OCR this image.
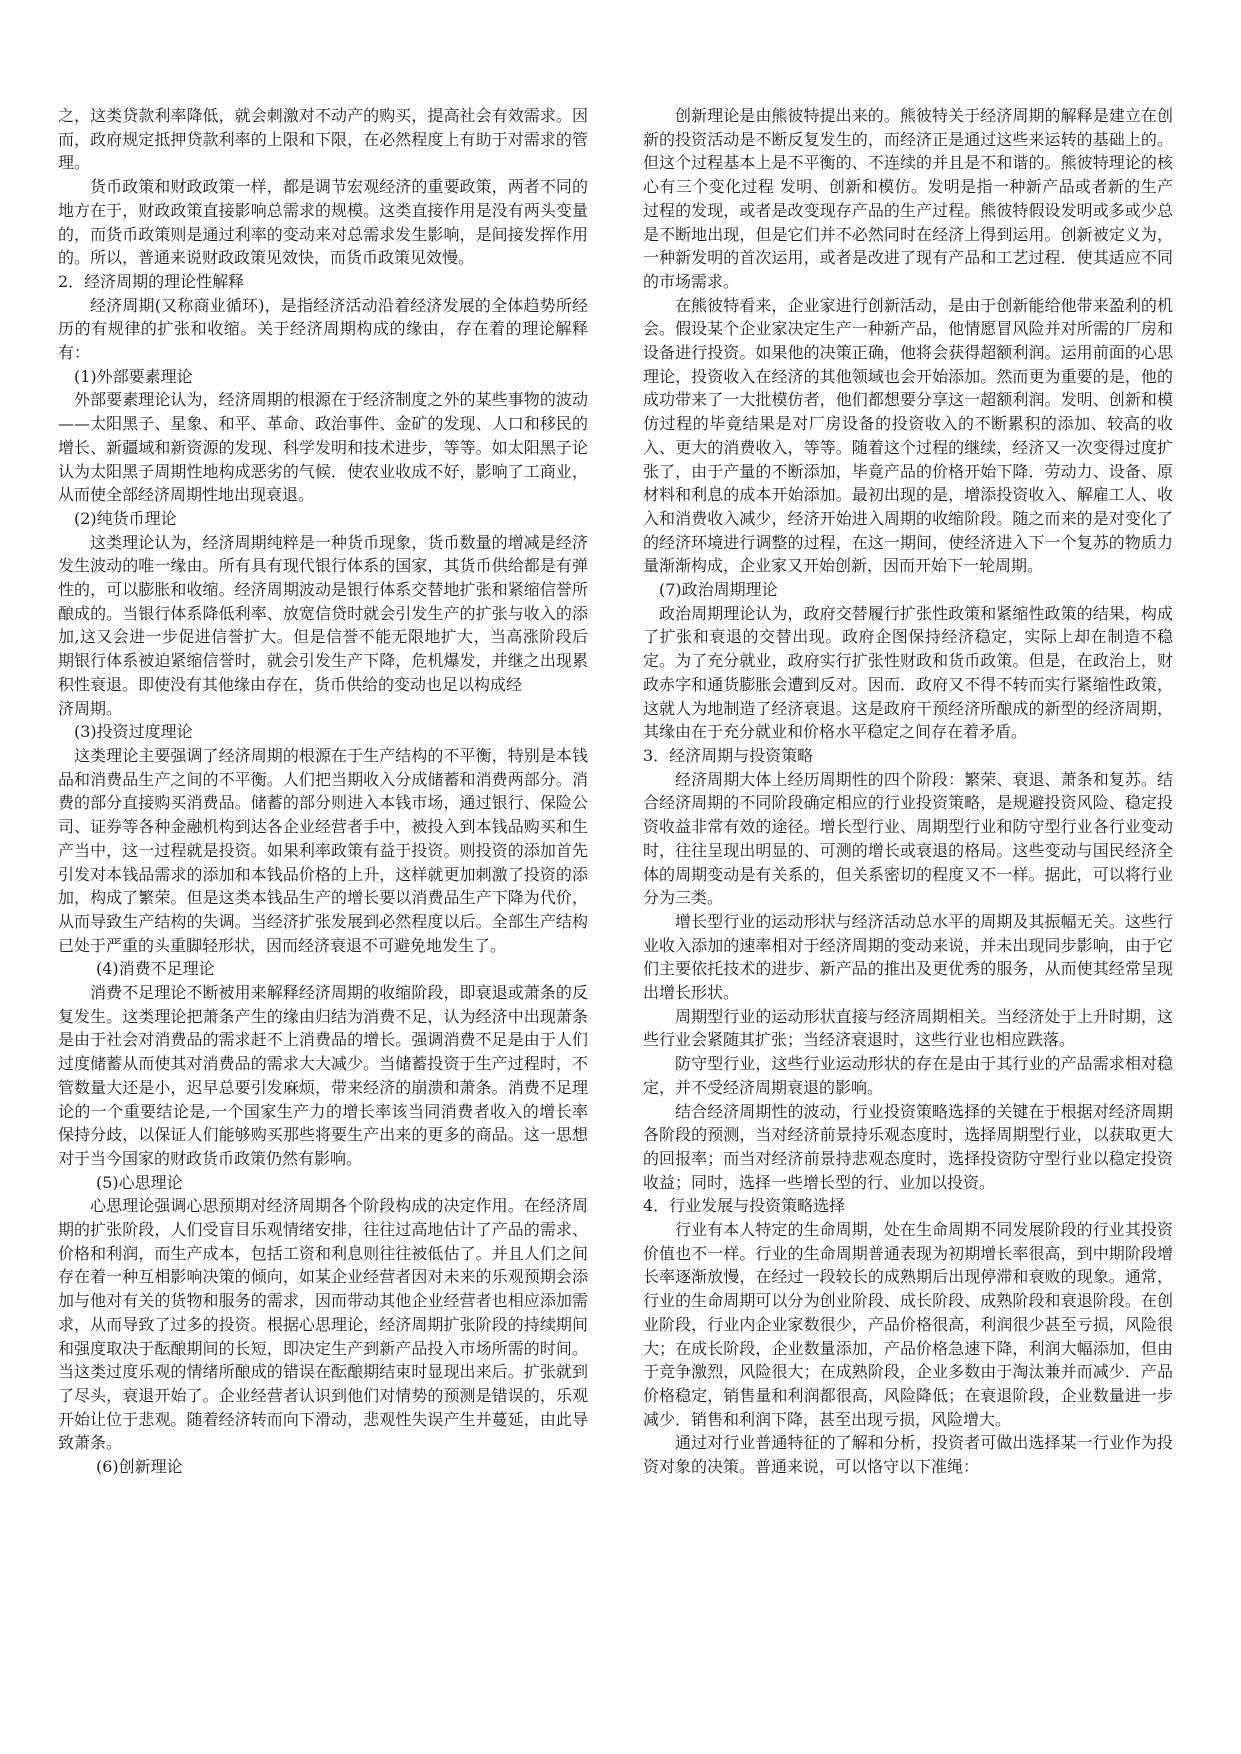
之，这类贷款利率降低，就会刺激对不动产的购买，提高社会有效需求。因而，政府规定抵押贷款利率的上限和下限，在必然程度上有助于对需求的管理。

货币政策和财政政策一样，都是调节宏观经济的重要政策，两者不同的地方在于，财政政策直接影响总需求的规模。这类直接作用是没有两头变量的，而货币政策则是通过利率的变动来对总需求发生影响，是间接发挥作用的。所以，普通来说财政政策见效快，而货币政策见效慢。

2．经济周期的理论性解释

经济周期(又称商业循环)，是指经济活动沿着经济发展的全体趋势所经历的有规律的扩张和收缩。关于经济周期构成的缘由，存在着的理论解释有：

(1)外部要素理论

外部要素理论认为，经济周期的根源在于经济制度之外的某些事物的波动——太阳黑子、星象、和平、革命、政治事件、金矿的发现、人口和移民的增长、新疆域和新资源的发现、科学发明和技术进步，等等。如太阳黑子论认为太阳黑子周期性地构成恶劣的气候．使农业收成不好，影响了工商业，从而使全部经济周期性地出现衰退。

(2)纯货币理论

这类理论认为，经济周期纯粹是一种货币现象，货币数量的增减是经济发生波动的唯一缘由。所有具有现代银行体系的国家，其货币供给都是有弹性的，可以膨胀和收缩。经济周期波动是银行体系交替地扩张和紧缩信誉所酿成的。当银行体系降低利率、放宽信贷时就会引发生产的扩张与收入的添加,这又会进一步促进信誉扩大。但是信誉不能无限地扩大，当高涨阶段后期银行体系被迫紧缩信誉时，就会引发生产下降，危机爆发，并继之出现累积性衰退。即使没有其他缘由存在，货币供给的变动也足以构成经

济周期。

(3)投资过度理论

这类理论主要强调了经济周期的根源在于生产结构的不平衡，特别是本钱品和消费品生产之间的不平衡。人们把当期收入分成储蓄和消费两部分。消费的部分直接购买消费品。储蓄的部分则进入本钱市场，通过银行、保险公司、证券等各种金融机构到达各企业经营者手中，被投入到本钱品购买和生产当中，这一过程就是投资。如果利率政策有益于投资。则投资的添加首先引发对本钱品需求的添加和本钱品价格的上升，这样就更加刺激了投资的添加，构成了繁荣。但是这类本钱品生产的增长要以消费品生产下降为代价，从而导致生产结构的失调。当经济扩张发展到必然程度以后。全部生产结构已处于严重的头重脚轻形状，因而经济衰退不可避免地发生了。

(4)消费不足理论

消费不足理论不断被用来解释经济周期的收缩阶段，即衰退或萧条的反复发生。这类理论把萧条产生的缘由归结为消费不足，认为经济中出现萧条是由于社会对消费品的需求赶不上消费品的增长。强调消费不足是由于人们过度储蓄从而使其对消费品的需求大大减少。当储蓄投资于生产过程时，不管数量大还是小，迟早总要引发麻烦，带来经济的崩溃和萧条。消费不足理论的一个重要结论是,一个国家生产力的增长率该当同消费者收入的增长率保持分歧，以保证人们能够购买那些将要生产出来的更多的商品。这一思想对于当今国家的财政货币政策仍然有影响。

(5)心思理论

心思理论强调心思预期对经济周期各个阶段构成的决定作用。在经济周期的扩张阶段，人们受盲目乐观情绪安排，往往过高地估计了产品的需求、价格和利润，而生产成本，包括工资和利息则往往被低估了。并且人们之间存在着一种互相影响决策的倾向，如某企业经营者因对未来的乐观预期会添加与他对有关的货物和服务的需求，因而带动其他企业经营者也相应添加需求，从而导致了过多的投资。根据心思理论，经济周期扩张阶段的持续期间和强度取决于酝酿期间的长短，即决定生产到新产品投入市场所需的时间。当这类过度乐观的情绪所酿成的错误在酝酿期结束时显现出来后。扩张就到了尽头，衰退开始了。企业经营者认识到他们对情势的预测是错误的，乐观开始让位于悲观。随着经济转而向下滑动，悲观性失误产生并蔓延，由此导致萧条。

(6)创新理论

创新理论是由熊彼特提出来的。熊彼特关于经济周期的解释是建立在创新的投资活动是不断反复发生的，而经济正是通过这些来运转的基础上的。但这个过程基本上是不平衡的、不连续的并且是不和谐的。熊彼特理论的核心有三个变化过程 发明、创新和模仿。发明是指一种新产品或者新的生产过程的发现，或者是改变现存产品的生产过程。熊彼特假设发明或多或少总是不断地出现，但是它们并不必然同时在经济上得到运用。创新被定义为，一种新发明的首次运用，或者是改进了现有产品和工艺过程．使其适应不同的市场需求。

在熊彼特看来，企业家进行创新活动，是由于创新能给他带来盈利的机会。假设某个企业家决定生产一种新产品，他情愿冒风险并对所需的厂房和设备进行投资。如果他的决策正确，他将会获得超额利润。运用前面的心思理论，投资收入在经济的其他领域也会开始添加。然而更为重要的是，他的成功带来了一大批模仿者，他们都想要分享这一超额利润。发明、创新和模仿过程的毕竟结果是对厂房设备的投资收入的不断累积的添加、较高的收入、更大的消费收入，等等。随着这个过程的继续，经济又一次变得过度扩张了，由于产量的不断添加，毕竟产品的价格开始下降．劳动力、设备、原材料和利息的成本开始添加。最初出现的是，增添投资收入、解雇工人、收入和消费收入减少，经济开始进入周期的收缩阶段。随之而来的是对变化了的经济环境进行调整的过程，在这一期间，使经济进入下一个复苏的物质力量渐渐构成，企业家又开始创新，因而开始下一轮周期。

(7)政治周期理论

政治周期理论认为，政府交替履行扩张性政策和紧缩性政策的结果，构成了扩张和衰退的交替出现。政府企图保持经济稳定，实际上却在制造不稳定。为了充分就业，政府实行扩张性财政和货币政策。但是，在政治上，财政赤字和通货膨胀会遭到反对。因而．政府又不得不转而实行紧缩性政策，这就人为地制造了经济衰退。这是政府干预经济所酿成的新型的经济周期，其缘由在于充分就业和价格水平稳定之间存在着矛盾。

3．经济周期与投资策略

经济周期大体上经历周期性的四个阶段：繁荣、衰退、萧条和复苏。结合经济周期的不同阶段确定相应的行业投资策略，是规避投资风险、稳定投资收益非常有效的途径。增长型行业、周期型行业和防守型行业各行业变动时，往往呈现出明显的、可测的增长或衰退的格局。这些变动与国民经济全体的周期变动是有关系的，但关系密切的程度又不一样。据此，可以将行业分为三类。

增长型行业的运动形状与经济活动总水平的周期及其振幅无关。这些行业收入添加的速率相对于经济周期的变动来说，并未出现同步影响，由于它们主要依托技术的进步、新产品的推出及更优秀的服务，从而使其经常呈现出增长形状。

周期型行业的运动形状直接与经济周期相关。当经济处于上升时期，这些行业会紧随其扩张；当经济衰退时，这些行业也相应跌落。

防守型行业，这些行业运动形状的存在是由于其行业的产品需求相对稳定，并不受经济周期衰退的影响。

结合经济周期性的波动，行业投资策略选择的关键在于根据对经济周期各阶段的预测，当对经济前景持乐观态度时，选择周期型行业，以获取更大的回报率；而当对经济前景持悲观态度时，选择投资防守型行业以稳定投资收益；同时，选择一些增长型的行、业加以投资。

4．行业发展与投资策略选择

行业有本人特定的生命周期，处在生命周期不同发展阶段的行业其投资价值也不一样。行业的生命周期普通表现为初期增长率很高，到中期阶段增长率逐渐放慢，在经过一段较长的成熟期后出现停滞和衰败的现象。通常，行业的生命周期可以分为创业阶段、成长阶段、成熟阶段和衰退阶段。在创业阶段，行业内企业家数很少，产品价格很高，利润很少甚至亏损，风险很大；在成长阶段，企业数量添加，产品价格急速下降，利润大幅添加，但由于竞争激烈，风险很大；在成熟阶段，企业多数由于淘汰兼并而减少．产品价格稳定，销售量和利润都很高，风险降低；在衰退阶段，企业数量进一步减少．销售和利润下降，甚至出现亏损，风险增大。

通过对行业普通特征的了解和分析，投资者可做出选择某一行业作为投资对象的决策。普通来说，可以恪守以下准绳：
